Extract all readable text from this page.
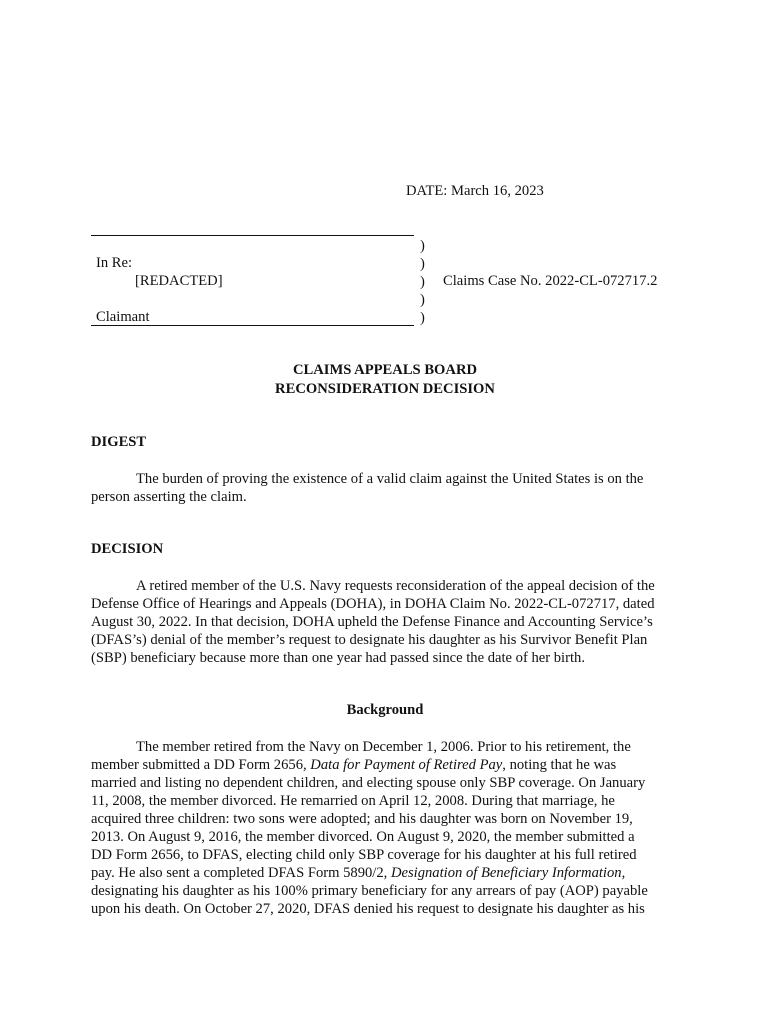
DATE: March 16, 2023
)
)
)
)
)
In Re:
[REDACTED]
Claimant
Claims Case No. 2022-CL-072717.2
CLAIMS APPEALS BOARD
RECONSIDERATION DECISION
DIGEST
The burden of proving the existence of a valid claim against the United States is on the
person asserting the claim.
DECISION
A retired member of the U.S. Navy requests reconsideration of the appeal decision of the
Defense Office of Hearings and Appeals (DOHA), in DOHA Claim No. 2022-CL-072717, dated
August 30, 2022. In that decision, DOHA upheld the Defense Finance and Accounting Service’s
(DFAS’s) denial of the member’s request to designate his daughter as his Survivor Benefit Plan
(SBP) beneficiary because more than one year had passed since the date of her birth.
Background
The member retired from the Navy on December 1, 2006. Prior to his retirement, the
member submitted a DD Form 2656, Data for Payment of Retired Pay, noting that he was
married and listing no dependent children, and electing spouse only SBP coverage. On January
11, 2008, the member divorced. He remarried on April 12, 2008. During that marriage, he
acquired three children: two sons were adopted; and his daughter was born on November 19,
2013. On August 9, 2016, the member divorced. On August 9, 2020, the member submitted a
DD Form 2656, to DFAS, electing child only SBP coverage for his daughter at his full retired
pay. He also sent a completed DFAS Form 5890/2, Designation of Beneficiary Information,
designating his daughter as his 100% primary beneficiary for any arrears of pay (AOP) payable
upon his death. On October 27, 2020, DFAS denied his request to designate his daughter as his
